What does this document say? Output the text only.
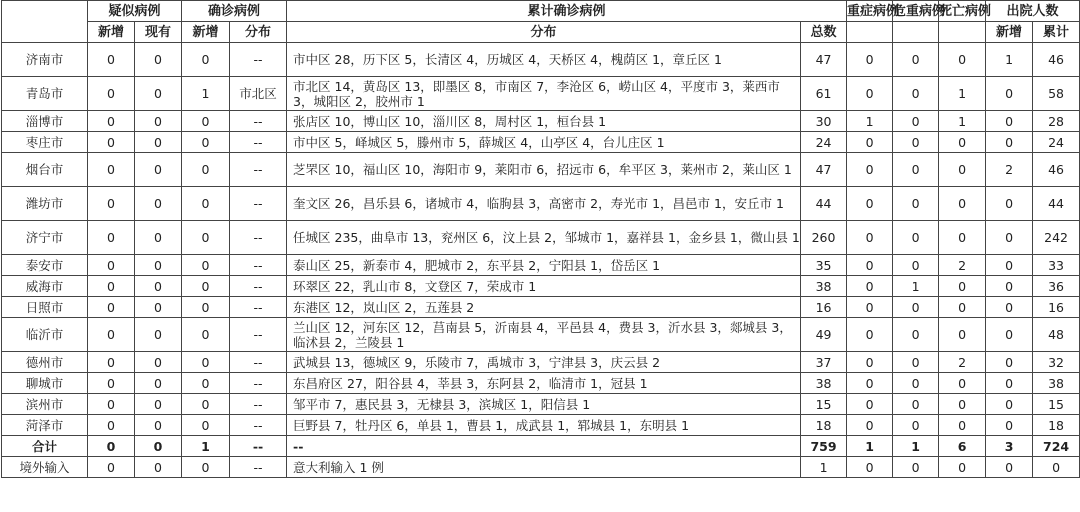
	疑似病例		确诊病例		累计确诊病例		重症病例	危重病例	死亡病例	出院人数	
	新增	现有	新增	分布	分布	总数				新增	累计
济南市	0	0	0	--	市中区 28，历下区 5，长清区 4，历城区 4，天桥区 4，槐荫区 1，章丘区 1	47	0	0	0	1	46
青岛市	0	0	1	市北区	市北区 14，黄岛区 13，即墨区 8，市南区 7，李沧区 6，崂山区 4，平度市 3，莱西市 3，城阳区 2，胶州市 1	61	0	0	1	0	58
淄博市	0	0	0	--	张店区 10，博山区 10，淄川区 8，周村区 1，桓台县 1	30	1	0	1	0	28
枣庄市	0	0	0	--	市中区 5，峄城区 5，滕州市 5，薛城区 4，山亭区 4，台儿庄区 1	24	0	0	0	0	24
烟台市	0	0	0	--	芝罘区 10，福山区 10，海阳市 9，莱阳市 6，招远市 6，牟平区 3，莱州市 2，莱山区 1	47	0	0	0	2	46
潍坊市	0	0	0	--	奎文区 26，昌乐县 6，诸城市 4，临朐县 3，高密市 2，寿光市 1，昌邑市 1，安丘市 1	44	0	0	0	0	44
济宁市	0	0	0	--	任城区 235，曲阜市 13，兖州区 6，汶上县 2，邹城市 1，嘉祥县 1，金乡县 1，微山县 1	260	0	0	0	0	242
泰安市	0	0	0	--	泰山区 25，新泰市 4，肥城市 2，东平县 2，宁阳县 1，岱岳区 1	35	0	0	2	0	33
威海市	0	0	0	--	环翠区 22，乳山市 8，文登区 7，荣成市 1	38	0	1	0	0	36
日照市	0	0	0	--	东港区 12，岚山区 2，五莲县 2	16	0	0	0	0	16
临沂市	0	0	0	--	兰山区 12，河东区 12，莒南县 5，沂南县 4，平邑县 4，费县 3，沂水县 3，郯城县 3，临沭县 2，兰陵县 1	49	0	0	0	0	48
德州市	0	0	0	--	武城县 13，德城区 9，乐陵市 7，禹城市 3，宁津县 3，庆云县 2	37	0	0	2	0	32
聊城市	0	0	0	--	东昌府区 27，阳谷县 4，莘县 3，东阿县 2，临清市 1，冠县 1	38	0	0	0	0	38
滨州市	0	0	0	--	邹平市 7，惠民县 3，无棣县 3，滨城区 1，阳信县 1	15	0	0	0	0	15
菏泽市	0	0	0	--	巨野县 7，牡丹区 6，单县 1，曹县 1，成武县 1，郓城县 1，东明县 1	18	0	0	0	0	18
合计	0	0	1	--	--	759	1	1	6	3	724
境外输入	0	0	0	--	意大利输入 1 例	1	0	0	0	0	0
